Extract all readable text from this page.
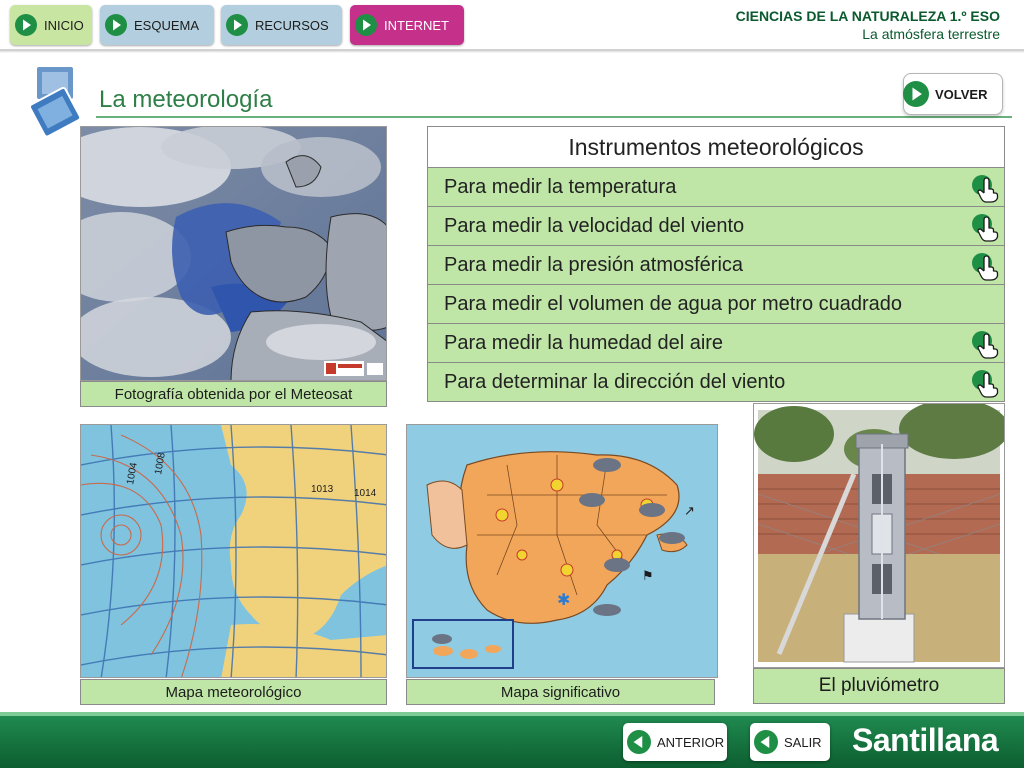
INICIO	ESQUEMA	RECURSOS	INTERNET
CIENCIAS DE LA NATURALEZA 1.º ESO
La atmósfera terrestre
La meteorología	VOLVER
Fotografía obtenida por el Meteosat
Instrumentos meteorológicos
Para medir la temperatura
Para medir la velocidad del viento
Para medir la presión atmosférica
Para medir el volumen de agua por metro cuadrado
Para medir la humedad del aire
Para determinar la dirección del viento
1004 1008
1013 1014
Mapa meteorológico
✱
↗
⚑
Mapa significativo	El pluviómetro
ANTERIOR	SALIR Santillana
